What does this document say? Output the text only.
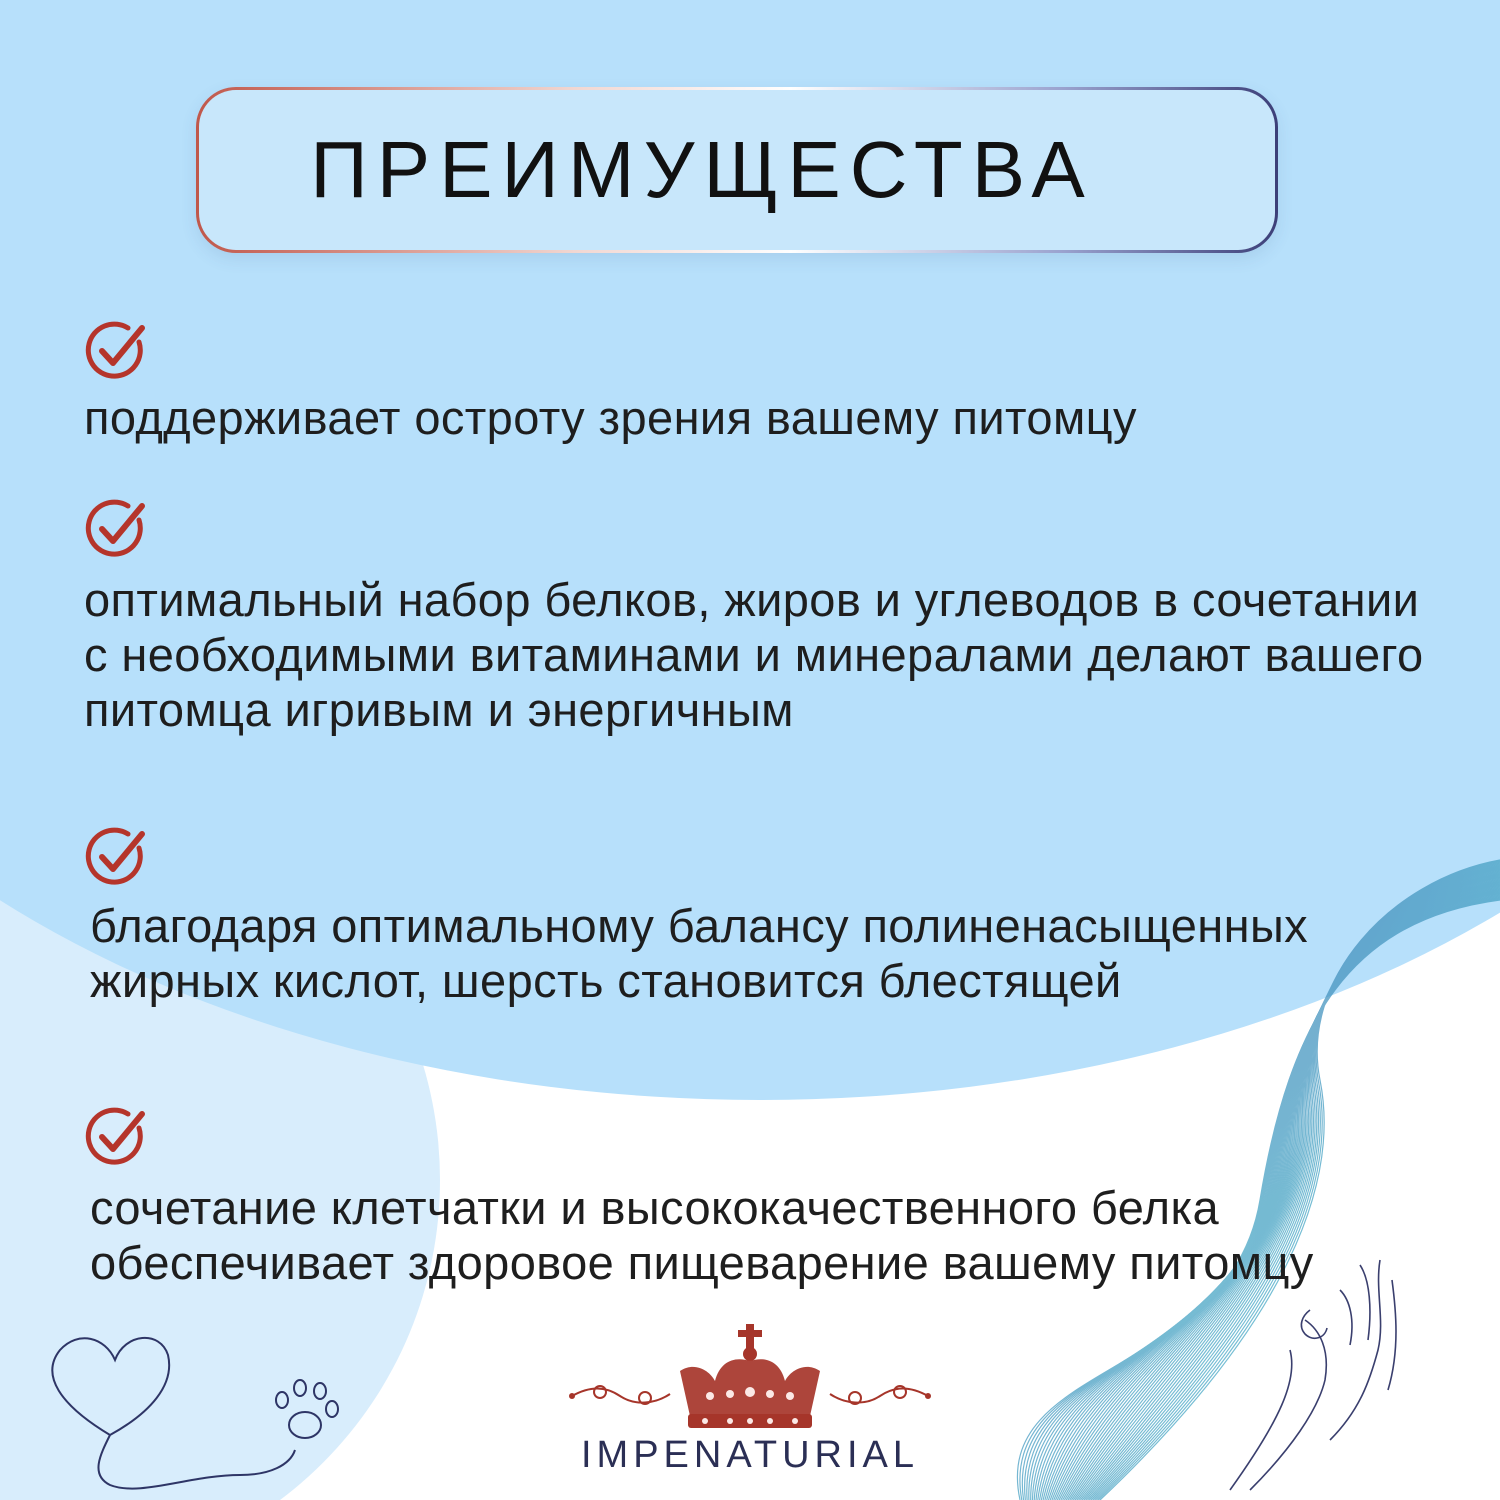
ПРЕИМУЩЕСТВА
поддерживает остроту зрения вашему питомцу
оптимальный набор белков, жиров и углеводов в сочетании с необходимыми витаминами и минералами делают вашего питомца игривым и энергичным
благодаря оптимальному балансу полиненасыщенных жирных кислот, шерсть становится блестящей
сочетание клетчатки и высококачественного белка обеспечивает здоровое пищеварение вашему питомцу
IMPENATURIAL
